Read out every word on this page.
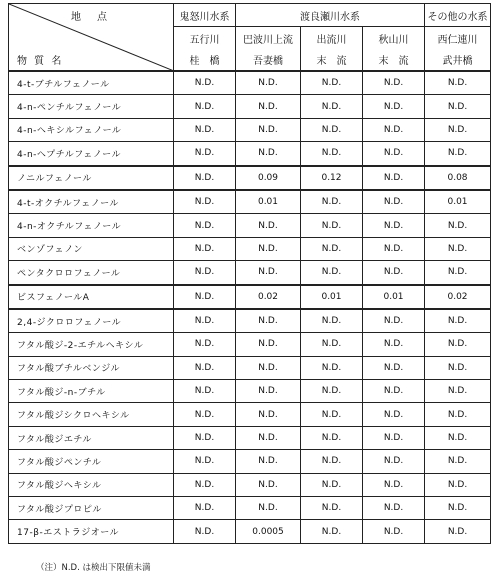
地　点
物 質 名	鬼怒川水系	渡良瀬川水系			その他の水系
	五行川	巴波川上流	出流川	秋山川	西仁連川
	桂　橋	吾妻橋	末　流	末　流	武井橋
4-t-ブチルフェノール	N.D.	N.D.	N.D.	N.D.	N.D.
4-n-ペンチルフェノール	N.D.	N.D.	N.D.	N.D.	N.D.
4-n-ヘキシルフェノール	N.D.	N.D.	N.D.	N.D.	N.D.
4-n-ヘプチルフェノール	N.D.	N.D.	N.D.	N.D.	N.D.
ノニルフェノール	N.D.	0.09	0.12	N.D.	0.08
4-t-オクチルフェノール	N.D.	0.01	N.D.	N.D.	0.01
4-n-オクチルフェノール	N.D.	N.D.	N.D.	N.D.	N.D.
ベンゾフェノン	N.D.	N.D.	N.D.	N.D.	N.D.
ペンタクロロフェノール	N.D.	N.D.	N.D.	N.D.	N.D.
ビスフェノールA	N.D.	0.02	0.01	0.01	0.02
2,4-ジクロロフェノール	N.D.	N.D.	N.D.	N.D.	N.D.
フタル酸ジ-2-エチルヘキシル	N.D.	N.D.	N.D.	N.D.	N.D.
フタル酸ブチルベンジル	N.D.	N.D.	N.D.	N.D.	N.D.
フタル酸ジ-n-ブチル	N.D.	N.D.	N.D.	N.D.	N.D.
フタル酸ジシクロヘキシル	N.D.	N.D.	N.D.	N.D.	N.D.
フタル酸ジエチル	N.D.	N.D.	N.D.	N.D.	N.D.
フタル酸ジペンチル	N.D.	N.D.	N.D.	N.D.	N.D.
フタル酸ジヘキシル	N.D.	N.D.	N.D.	N.D.	N.D.
フタル酸ジプロピル	N.D.	N.D.	N.D.	N.D.	N.D.
17-β-エストラジオール	N.D.	0.0005	N.D.	N.D.	N.D.
（注）N.D. は検出下限値未満
